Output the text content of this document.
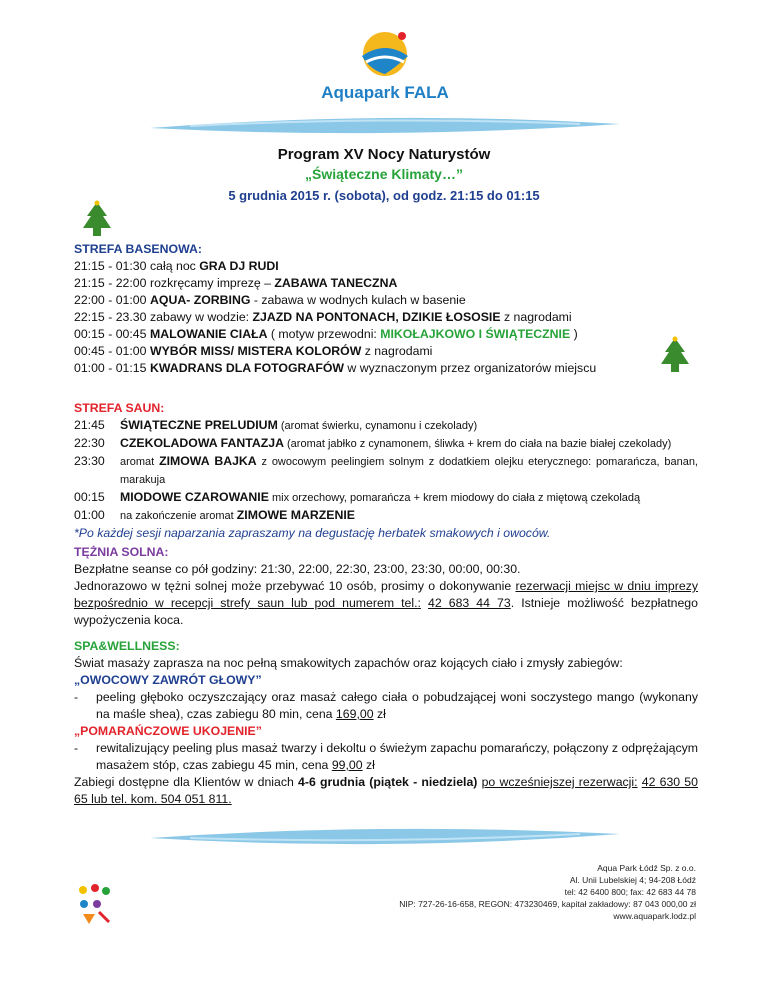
Aquapark FALA
Program XV Nocy Naturystów
„Świąteczne Klimaty…”
5 grudnia 2015 r. (sobota), od godz. 21:15 do 01:15
STREFA BASENOWA:
21:15 - 01:30 całą noc GRA DJ RUDI
21:15 - 22:00 rozkręcamy imprezę – ZABAWA TANECZNA
22:00 - 01:00 AQUA- ZORBING - zabawa w wodnych kulach w basenie
22:15 - 23.30 zabawy w wodzie: ZJAZD NA PONTONACH, DZIKIE ŁOSOSIE z nagrodami
00:15 - 00:45 MALOWANIE CIAŁA ( motyw przewodni: MIKOŁAJKOWO I ŚWIĄTECZNIE )
00:45 - 01:00 WYBÓR MISS/ MISTERA KOLORÓW z nagrodami
01:00 - 01:15 KWADRANS DLA FOTOGRAFÓW w wyznaczonym przez organizatorów miejscu
STREFA SAUN:
21:45 ŚWIĄTECZNE PRELUDIUM (aromat świerku, cynamonu i czekolady)
22:30 CZEKOLADOWA FANTAZJA (aromat jabłko z cynamonem, śliwka + krem do ciała na bazie białej czekolady)
23:30	aromat ZIMOWA BAJKA z owocowym peelingiem solnym z dodatkiem olejku eterycznego: pomarańcza, banan, marakuja
00:15 MIODOWE CZAROWANIE mix orzechowy, pomarańcza + krem miodowy do ciała z miętową czekoladą
01:00 na zakończenie aromat ZIMOWE MARZENIE
*Po każdej sesji naparzania zapraszamy na degustację herbatek smakowych i owoców.
TĘŻNIA SOLNA:
Bezpłatne seanse co pół godziny: 21:30, 22:00, 22:30, 23:00, 23:30, 00:00, 00:30.
Jednorazowo w tężni solnej może przebywać 10 osób, prosimy o dokonywanie rezerwacji miejsc w dniu imprezy bezpośrednio w recepcji strefy saun lub pod numerem tel.: 42 683 44 73. Istnieje możliwość bezpłatnego wypożyczenia koca.
SPA&WELLNESS:
Świat masaży zaprasza na noc pełną smakowitych zapachów oraz kojących ciało i zmysły zabiegów:
„OWOCOWY ZAWRÓT GŁOWY”
-	peeling głęboko oczyszczający oraz masaż całego ciała o pobudzającej woni soczystego mango (wykonany na maśle shea), czas zabiegu 80 min, cena 169,00 zł
„POMARAŃCZOWE UKOJENIE”
-	rewitalizujący peeling plus masaż twarzy i dekoltu o świeżym zapachu pomarańczy, połączony z odprężającym masażem stóp, czas zabiegu 45 min, cena 99,00 zł
Zabiegi dostępne dla Klientów w dniach 4-6 grudnia (piątek - niedziela) po wcześniejszej rezerwacji: 42 630 50 65 lub tel. kom. 504 051 811.
Aqua Park Łódź Sp. z o.o.
Al. Unii Lubelskiej 4; 94-208 Łódź
tel: 42 6400 800; fax: 42 683 44 78
NIP: 727-26-16-658, REGON: 473230469, kapitał zakładowy: 87 043 000,00 zł
www.aquapark.lodz.pl
